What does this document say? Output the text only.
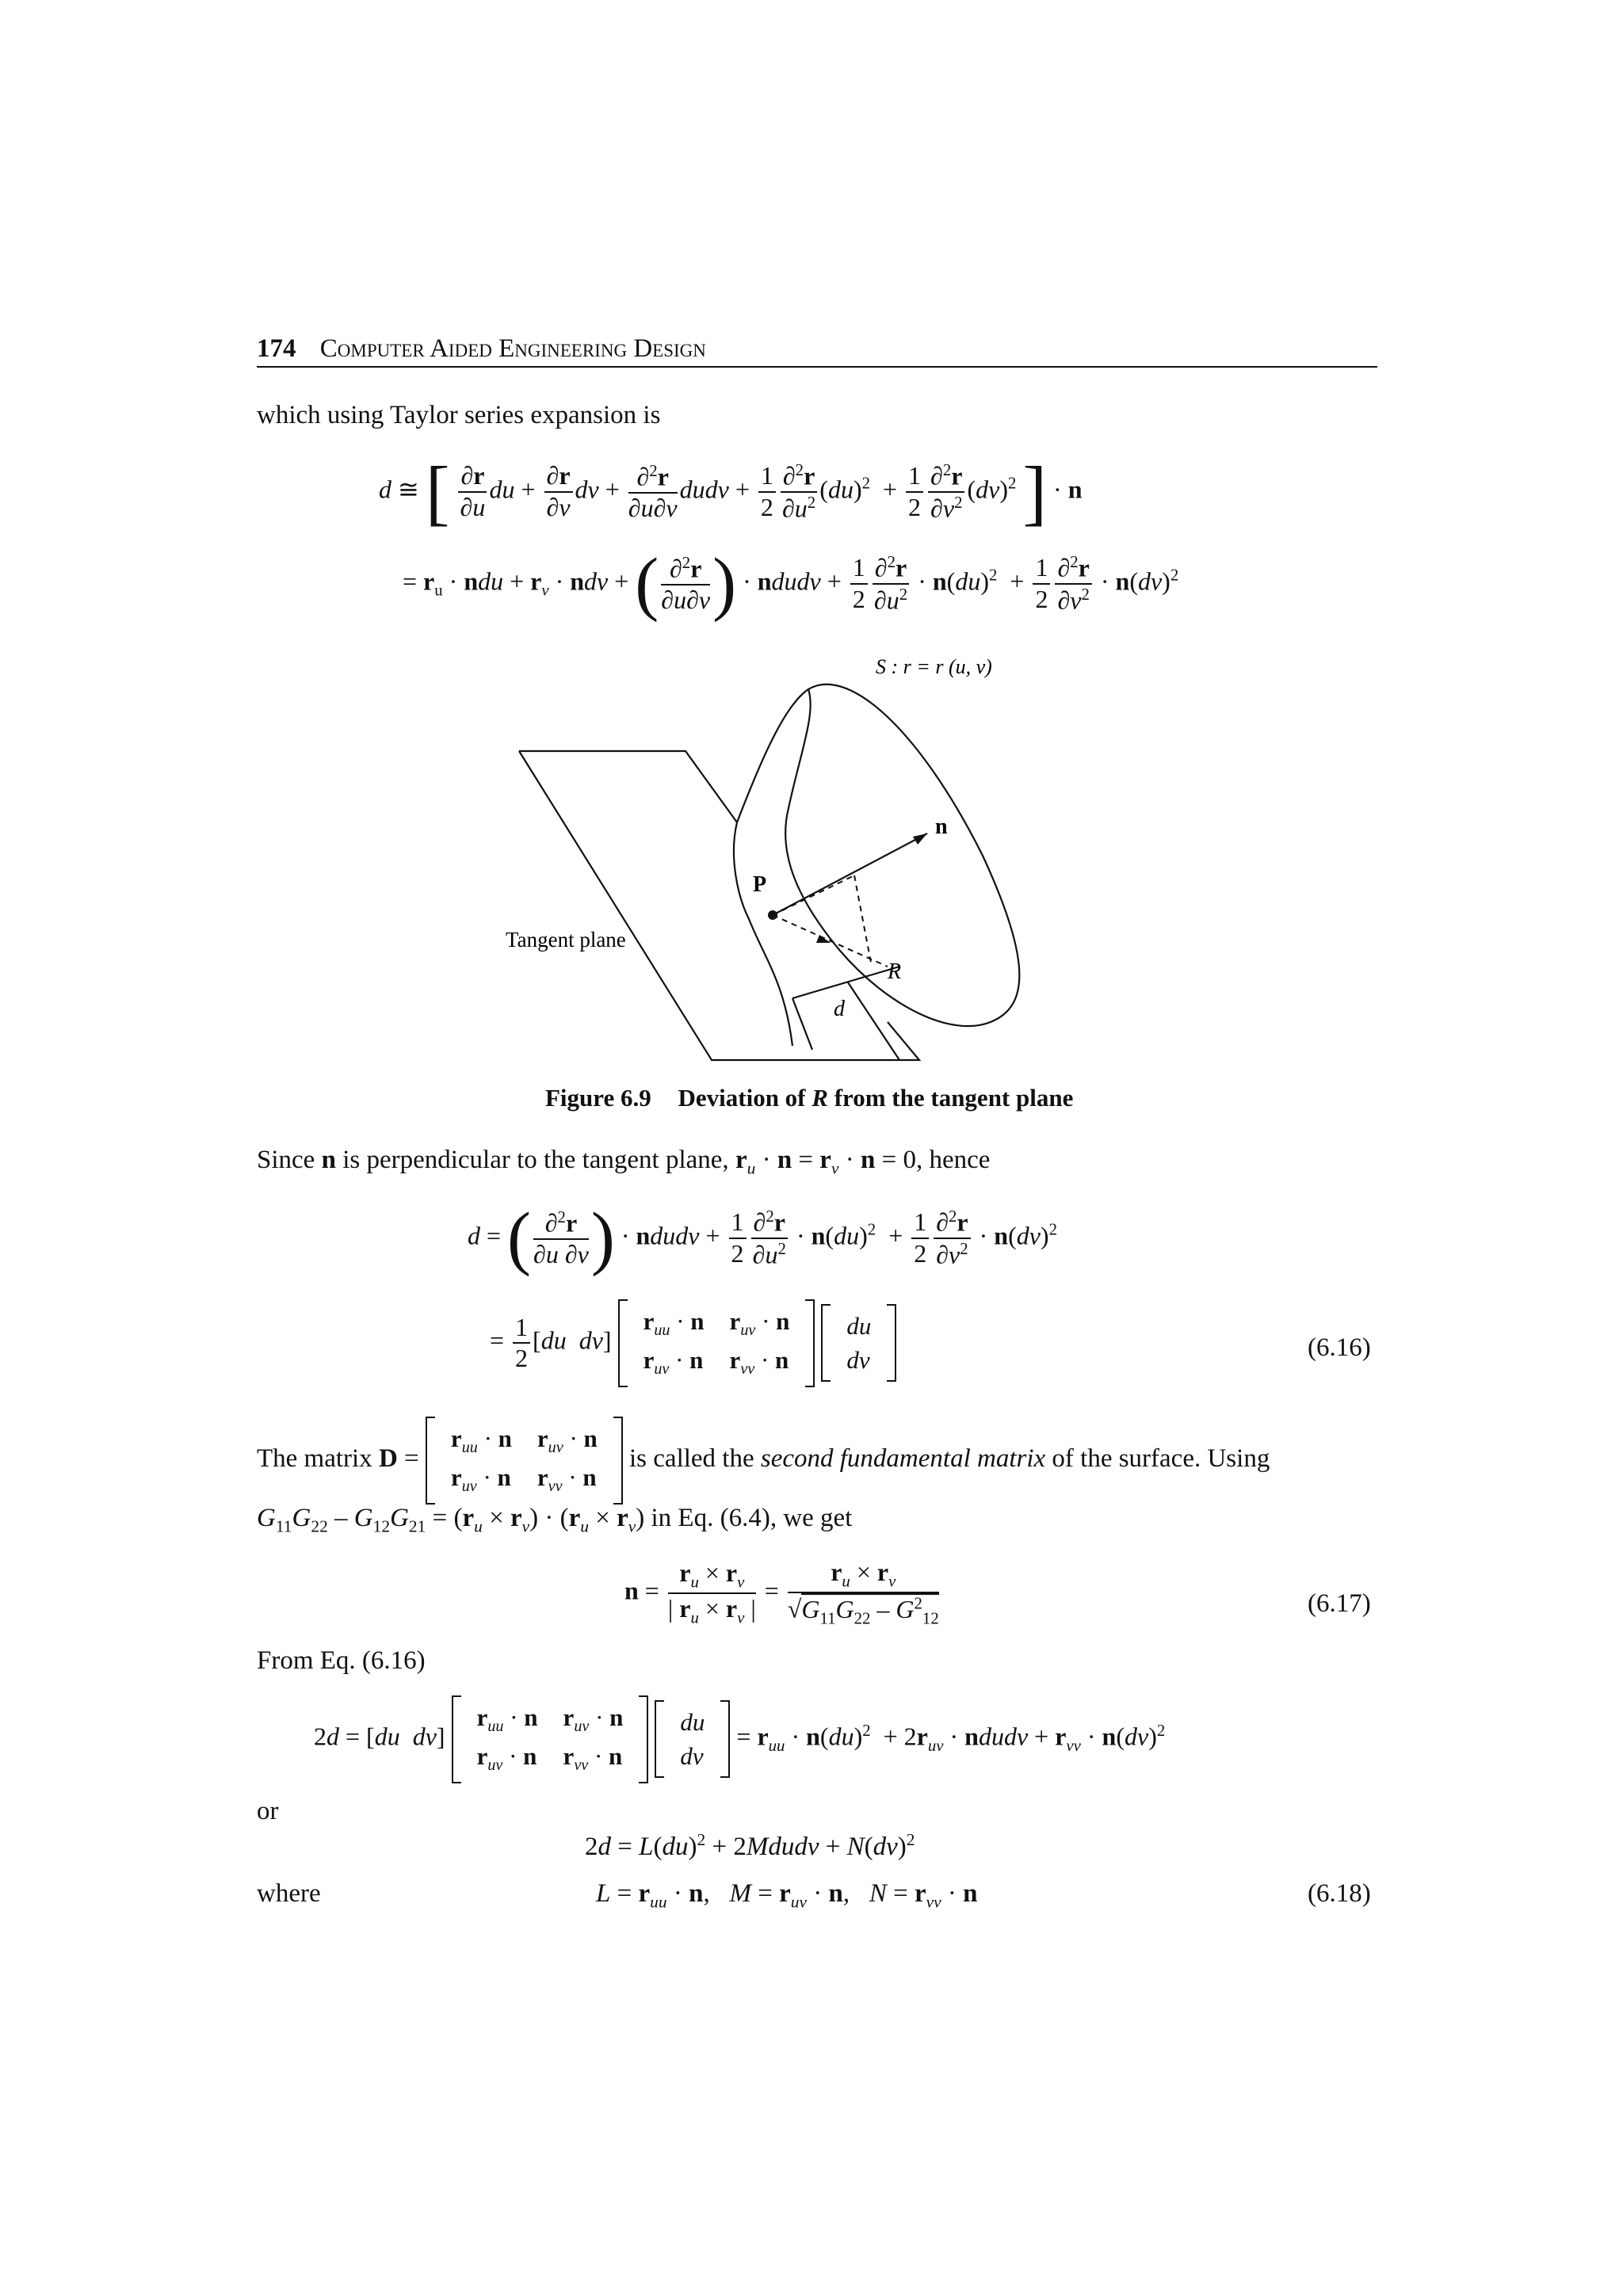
174 Computer Aided Engineering Design
which using Taylor series expansion is
d ≅ [ $\frac{\partial r}{\partial u}$ du + $\frac{\partial r}{\partial v}$ dv + $\frac{\partial^2r}{\partial u\partial v}$ dudv + $\frac{1}{2} \frac{\partial^2r}{\partial u^2} (du)^2 + \frac{1}{2} \frac{\partial^2r}{\partial v^2} (dv)^2$ ] · n
= $r_u$ · ndu + $r_v$ · ndv + ( $\frac{\partial^2r}{\partial u\partial v}$ ) · ndudv + $\frac{1}{2} \frac{\partial^2r}{\partial u^2} \cdot n(du)^2 + \frac{1}{2} \frac{\partial^2r}{\partial v^2} \cdot n(dv)^2$
S : r = r (u, v)
n
P
R
d
Tangent plane
Figure 6.9 Deviation of R from the tangent plane
Since n is perpendicular to the tangent plane, $r_u \cdot n = r_v \cdot n = 0$, hence
d = ( $\frac{\partial^2r}{\partial u \partial v}$ ) · ndudv + $\frac{1}{2} \frac{\partial^2r}{\partial u^2} \cdot n(du)^2 + \frac{1}{2} \frac{\partial^2r}{\partial v^2} \cdot n(dv)^2$
= $\frac{1}{2} [du$ dv]
$r_{uu} \cdot n$	$r_{uv} \cdot n$
$r_{uv} \cdot n$	$r_{vv} \cdot n$

du
dv	(6.16)
The matrix D =
$r_{uu} \cdot n$	$r_{uv} \cdot n$
$r_{uv} \cdot n$	$r_{vv} \cdot n$
is called the second fundamental matrix of the surface. Using
$G_{11}G_{22} - G_{12}G_{21} = (r_u \times r_v) \cdot (r_u \times r_v)$ in Eq. (6.4), we get
$n = \frac{r_u \times r_v}{| r_u \times r_v |} = \frac{r_u \times r_v}{√G_{11}G_{22} - G^2_{12}}$	(6.17)
From Eq. (6.16)
2d = [du dv]
$r_{uu} \cdot n$	$r_{uv} \cdot n$
$r_{uv} \cdot n$	$r_{vv} \cdot n$

du
dv
= $r_{uu} \cdot n(du)^2 + 2r_{uv}$ · ndudv + $r_{vv} \cdot n(dv)^2$
or
2d = L(du)$^2$ + 2Mdudv + N(dv)$^2$
where	$L = r_{uu} \cdot n$,   $M = r_{uv} \cdot n$,   $N = r_{vv} \cdot n$	(6.18)
